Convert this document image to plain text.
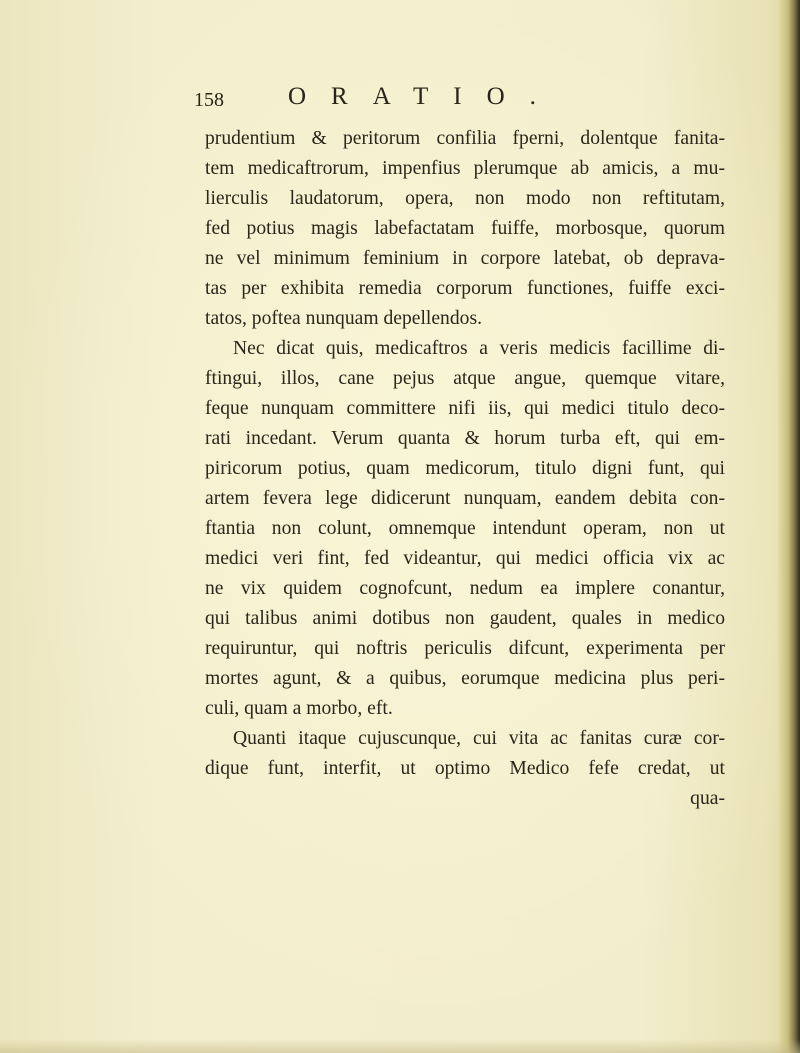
158	ORATIO.
prudentium & peritorum confilia fperni, dolentque fanita-
tem medicaftrorum, impenfius plerumque ab amicis, a mu-
lierculis laudatorum, opera, non modo non reftitutam,
fed potius magis labefactatam fuiffe, morbosque, quorum
ne vel minimum feminium in corpore latebat, ob deprava-
tas per exhibita remedia corporum functiones, fuiffe exci-
tatos, poftea nunquam depellendos.
Nec dicat quis, medicaftros a veris medicis facillime di-
ftingui, illos, cane pejus atque angue, quemque vitare,
feque nunquam committere nifi iis, qui medici titulo deco-
rati incedant. Verum quanta & horum turba eft, qui em-
piricorum potius, quam medicorum, titulo digni funt, qui
artem fevera lege didicerunt nunquam, eandem debita con-
ftantia non colunt, omnemque intendunt operam, non ut
medici veri fint, fed videantur, qui medici officia vix ac
ne vix quidem cognofcunt, nedum ea implere conantur,
qui talibus animi dotibus non gaudent, quales in medico
requiruntur, qui noftris periculis difcunt, experimenta per
mortes agunt, & a quibus, eorumque medicina plus peri-
culi, quam a morbo, eft.
Quanti itaque cujuscunque, cui vita ac fanitas curæ cor-
dique funt, interfit, ut optimo Medico fefe credat, ut
qua-
